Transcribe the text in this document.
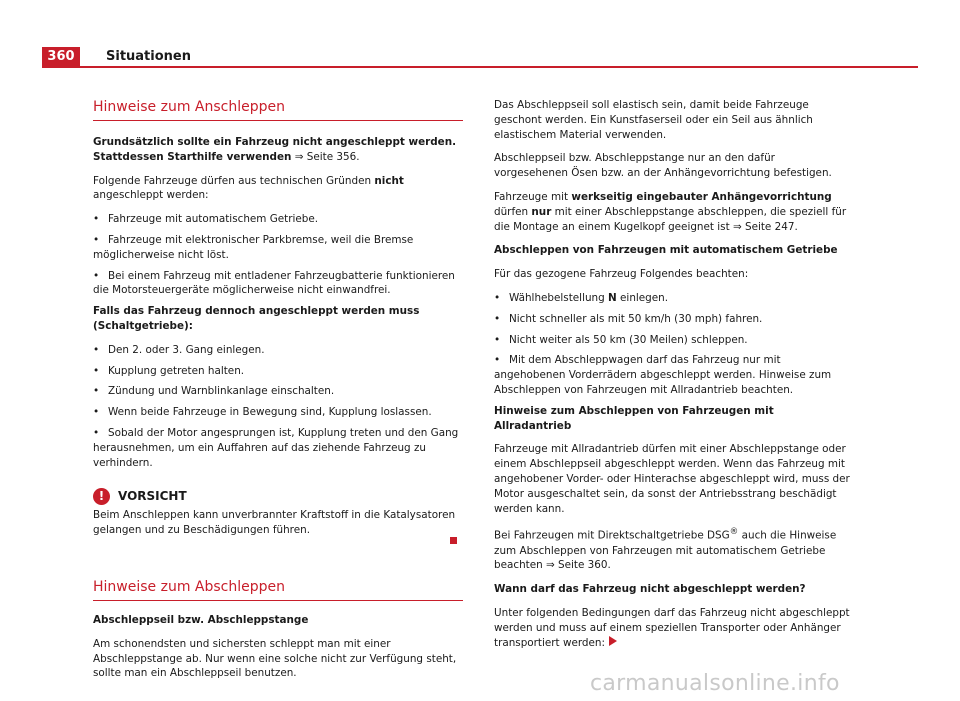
360	Situationen
Hinweise zum Anschleppen

Grundsätzlich sollte ein Fahrzeug nicht angeschleppt werden. Stattdessen Starthilfe verwenden ⇒ Seite 356.

Folgende Fahrzeuge dürfen aus technischen Gründen nicht angeschleppt werden:

• Fahrzeuge mit automatischem Getriebe.
• Fahrzeuge mit elektronischer Parkbremse, weil die Bremse möglicherweise nicht löst.
• Bei einem Fahrzeug mit entladener Fahrzeugbatterie funktionieren die Motorsteuergeräte möglicherweise nicht einwandfrei.

Falls das Fahrzeug dennoch angeschleppt werden muss (Schaltgetriebe):

• Den 2. oder 3. Gang einlegen.
• Kupplung getreten halten.
• Zündung und Warnblinkanlage einschalten.
• Wenn beide Fahrzeuge in Bewegung sind, Kupplung loslassen.
• Sobald der Motor angesprungen ist, Kupplung treten und den Gang herausnehmen, um ein Auffahren auf das ziehende Fahrzeug zu verhindern.
!	VORSICHT
Beim Anschleppen kann unverbrannter Kraftstoff in die Katalysatoren gelangen und zu Beschädigungen führen.
Hinweise zum Abschleppen

Abschleppseil bzw. Abschleppstange

Am schonendsten und sichersten schleppt man mit einer Abschleppstange ab. Nur wenn eine solche nicht zur Verfügung steht, sollte man ein Abschleppseil benutzen.

Das Abschleppseil soll elastisch sein, damit beide Fahrzeuge geschont werden. Ein Kunstfaserseil oder ein Seil aus ähnlich elastischem Material verwenden.

Abschleppseil bzw. Abschleppstange nur an den dafür vorgesehenen Ösen bzw. an der Anhängevorrichtung befestigen.

Fahrzeuge mit werkseitig eingebauter Anhängevorrichtung dürfen nur mit einer Abschleppstange abschleppen, die speziell für die Montage an einem Kugelkopf geeignet ist ⇒ Seite 247.

Abschleppen von Fahrzeugen mit automatischem Getriebe

Für das gezogene Fahrzeug Folgendes beachten:

• Wählhebelstellung N einlegen.
• Nicht schneller als mit 50 km/h (30 mph) fahren.
• Nicht weiter als 50 km (30 Meilen) schleppen.
• Mit dem Abschleppwagen darf das Fahrzeug nur mit angehobenen Vorderrädern abgeschleppt werden. Hinweise zum Abschleppen von Fahrzeugen mit Allradantrieb beachten.

Hinweise zum Abschleppen von Fahrzeugen mit Allradantrieb

Fahrzeuge mit Allradantrieb dürfen mit einer Abschleppstange oder einem Abschleppseil abgeschleppt werden. Wenn das Fahrzeug mit angehobener Vorder- oder Hinterachse abgeschleppt wird, muss der Motor ausgeschaltet sein, da sonst der Antriebsstrang beschädigt werden kann.

Bei Fahrzeugen mit Direktschaltgetriebe DSG® auch die Hinweise zum Abschleppen von Fahrzeugen mit automatischem Getriebe beachten ⇒ Seite 360.

Wann darf das Fahrzeug nicht abgeschleppt werden?

Unter folgenden Bedingungen darf das Fahrzeug nicht abgeschleppt werden und muss auf einem speziellen Transporter oder Anhänger transportiert werden:

carmanualsonline.info
